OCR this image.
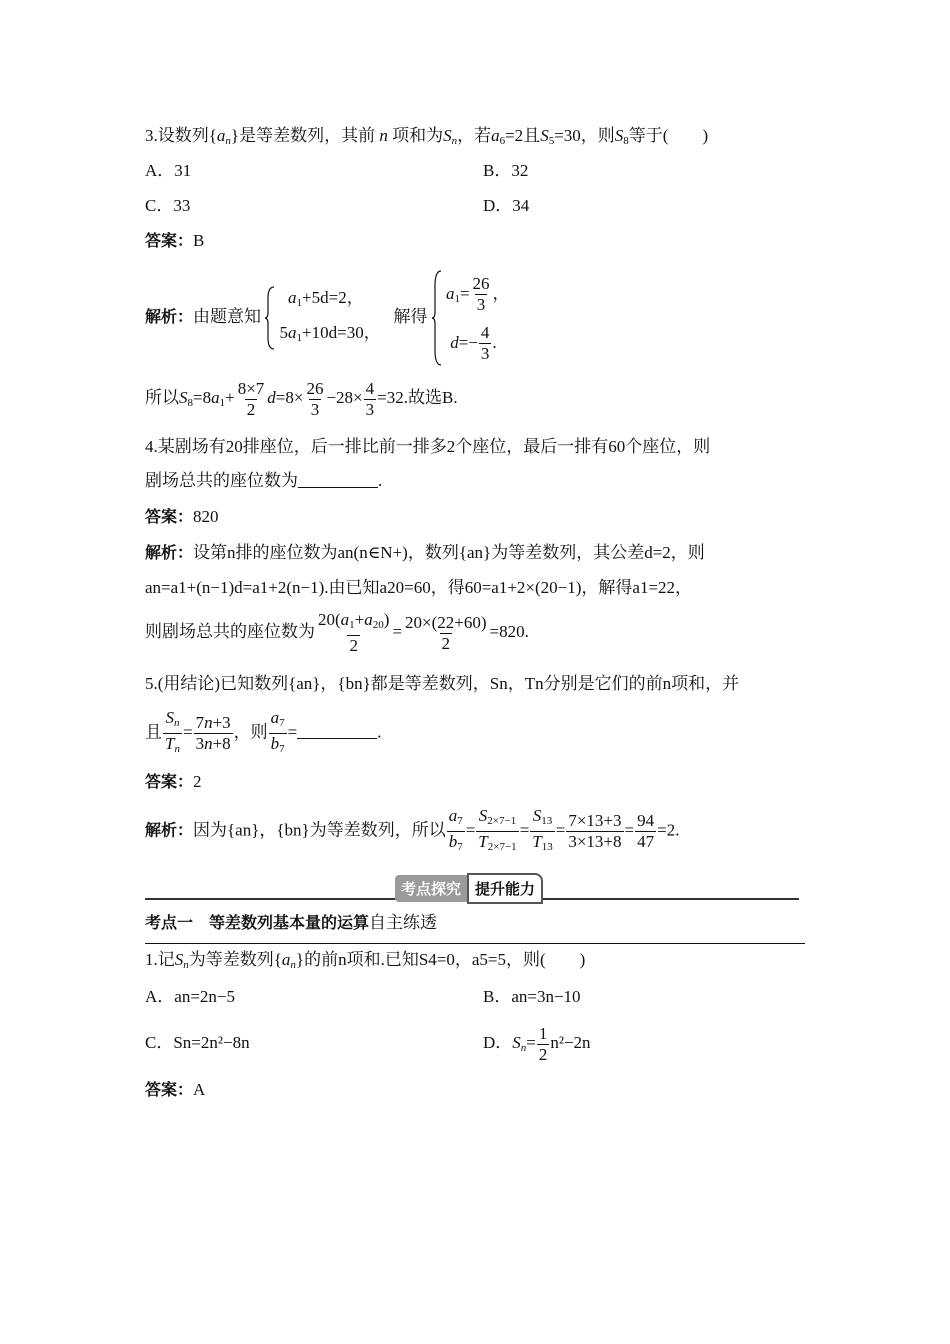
3.设数列$\{a_n\}$是等差数列，其前 n 项和为$S_n$，若$a_6=2$且$S_5=30$，则$S_8$等于(　　)
A．31	B．32
C．33	D．34
答案：B
解析：由题意知
$a_1+5d=2$，
$5a_1+10d=30$，
解得
$a_1= \frac{26}{3}$ ，
$d=- \frac{4}{3}$ .
所以$S_8=8a_1+ \frac{8\times 7}{2} d=8\times \frac{26}{3} -28\times \frac{4}{3} =32$.故选B.
4.某剧场有20排座位，后一排比前一排多2个座位，最后一排有60个座位，则
剧场总共的座位数为	.
答案：820
解析：设第n排的座位数为an(n∈N+)，数列{an}为等差数列，其公差d=2，则
an=a1+(n−1)d=a1+2(n−1).由已知a20=60，得60=a1+2×(20−1)，解得a1=22，
则剧场总共的座位数为 $\frac{20(a_1+a_{20})}{2} = \frac{20\times(22+60)}{2} =820$.
5.(用结论)已知数列{an}，{bn}都是等差数列，Sn，Tn分别是它们的前n项和，并
且 $\frac{S_n}{T_n} = \frac{7n+3}{3n+8}$ ，则 $\frac{a_7}{b_7}$ =	.
答案：2
解析：因为{an}，{bn}为等差数列，所以 $\frac{a_7}{b_7} = \frac{S_{2\times 7-1}}{T_{2\times 7-1}} = \frac{S_{13}}{T_{13}} = \frac{7\times 13+3}{3\times 13+8} = \frac{94}{47} =2$.
考点探究 提升能力
考点一　等差数列基本量的运算自主练透
1.记$S_n$为等差数列$\{a_n\}$的前n项和.已知S4=0，a5=5，则(　　)
A．an=2n−5	B．an=3n−10
C．Sn=2n²−8n	D．$S_n= \frac{1}{2} n^2-2n$
答案：A
